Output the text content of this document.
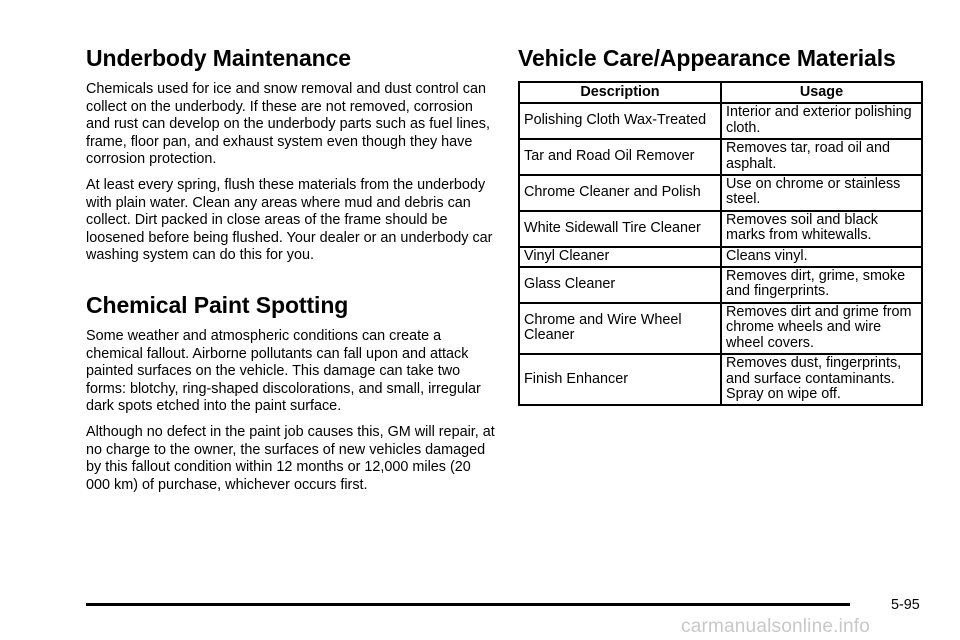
Underbody Maintenance

Chemicals used for ice and snow removal and dust control can collect on the underbody. If these are not removed, corrosion and rust can develop on the underbody parts such as fuel lines, frame, floor pan, and exhaust system even though they have corrosion protection.

At least every spring, flush these materials from the underbody with plain water. Clean any areas where mud and debris can collect. Dirt packed in close areas of the frame should be loosened before being flushed. Your dealer or an underbody car washing system can do this for you.

Chemical Paint Spotting

Some weather and atmospheric conditions can create a chemical fallout. Airborne pollutants can fall upon and attack painted surfaces on the vehicle. This damage can take two forms: blotchy, ring-shaped discolorations, and small, irregular dark spots etched into the paint surface.

Although no defect in the paint job causes this, GM will repair, at no charge to the owner, the surfaces of new vehicles damaged by this fallout condition within 12 months or 12,000 miles (20 000 km) of purchase, whichever occurs first.

Vehicle Care/Appearance Materials
Description	Usage
Polishing Cloth Wax-Treated	Interior and exterior polishing cloth.
Tar and Road Oil Remover	Removes tar, road oil and asphalt.
Chrome Cleaner and Polish	Use on chrome or stainless steel.
White Sidewall Tire Cleaner	Removes soil and black marks from whitewalls.
Vinyl Cleaner	Cleans vinyl.
Glass Cleaner	Removes dirt, grime, smoke and fingerprints.
Chrome and Wire Wheel Cleaner	Removes dirt and grime from chrome wheels and wire wheel covers.
Finish Enhancer	Removes dust, fingerprints, and surface contaminants. Spray on wipe off.
5-95
carmanualsonline.info
